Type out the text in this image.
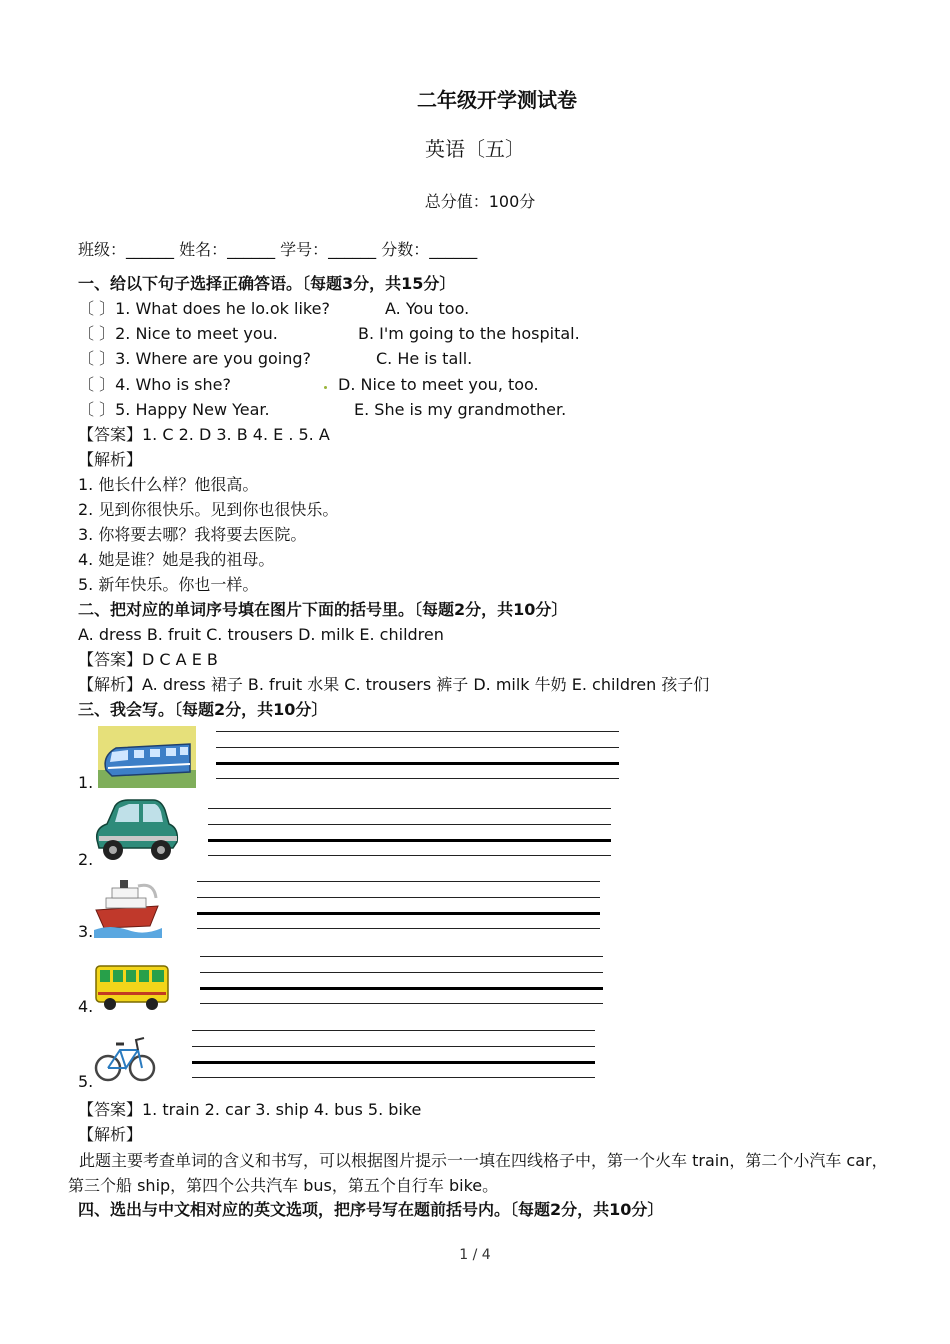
二年级开学测试卷
英语〔五〕
总分值：100分
班级：______ 姓名：______ 学号：______ 分数：______
一、给以下句子选择正确答语。〔每题3分，共15分〕
〔 〕1. What does he lo.ok like?	A. You too.
〔 〕2. Nice to meet you.	B. I'm going to the hospital.
〔 〕3. Where are you going?	C. He is tall.
〔 〕4. Who is she?	D. Nice to meet you, too.
〔 〕5. Happy New Year.	E. She is my grandmother.
【答案】1. C 2. D 3. B 4. E . 5. A
【解析】
1. 他长什么样？他很高。
2. 见到你很快乐。见到你也很快乐。
3. 你将要去哪？我将要去医院。
4. 她是谁？她是我的祖母。
5. 新年快乐。你也一样。
二、把对应的单词序号填在图片下面的括号里。〔每题2分，共10分〕
A. dress B. fruit C. trousers D. milk E. children
【答案】D C A E B
【解析】A. dress 裙子 B. fruit 水果 C. trousers 裤子 D. milk 牛奶 E. children 孩子们
三、我会写。〔每题2分，共10分〕
1.
2.
3.
4.
5.
【答案】1. train 2. car 3. ship 4. bus 5. bike
【解析】
此题主要考查单词的含义和书写，可以根据图片提示一一填在四线格子中，第一个火车 train，第二个小汽车 car，第三个船 ship，第四个公共汽车 bus，第五个自行车 bike。
四、选出与中文相对应的英文选项，把序号写在题前括号内。〔每题2分，共10分〕
1 / 4
